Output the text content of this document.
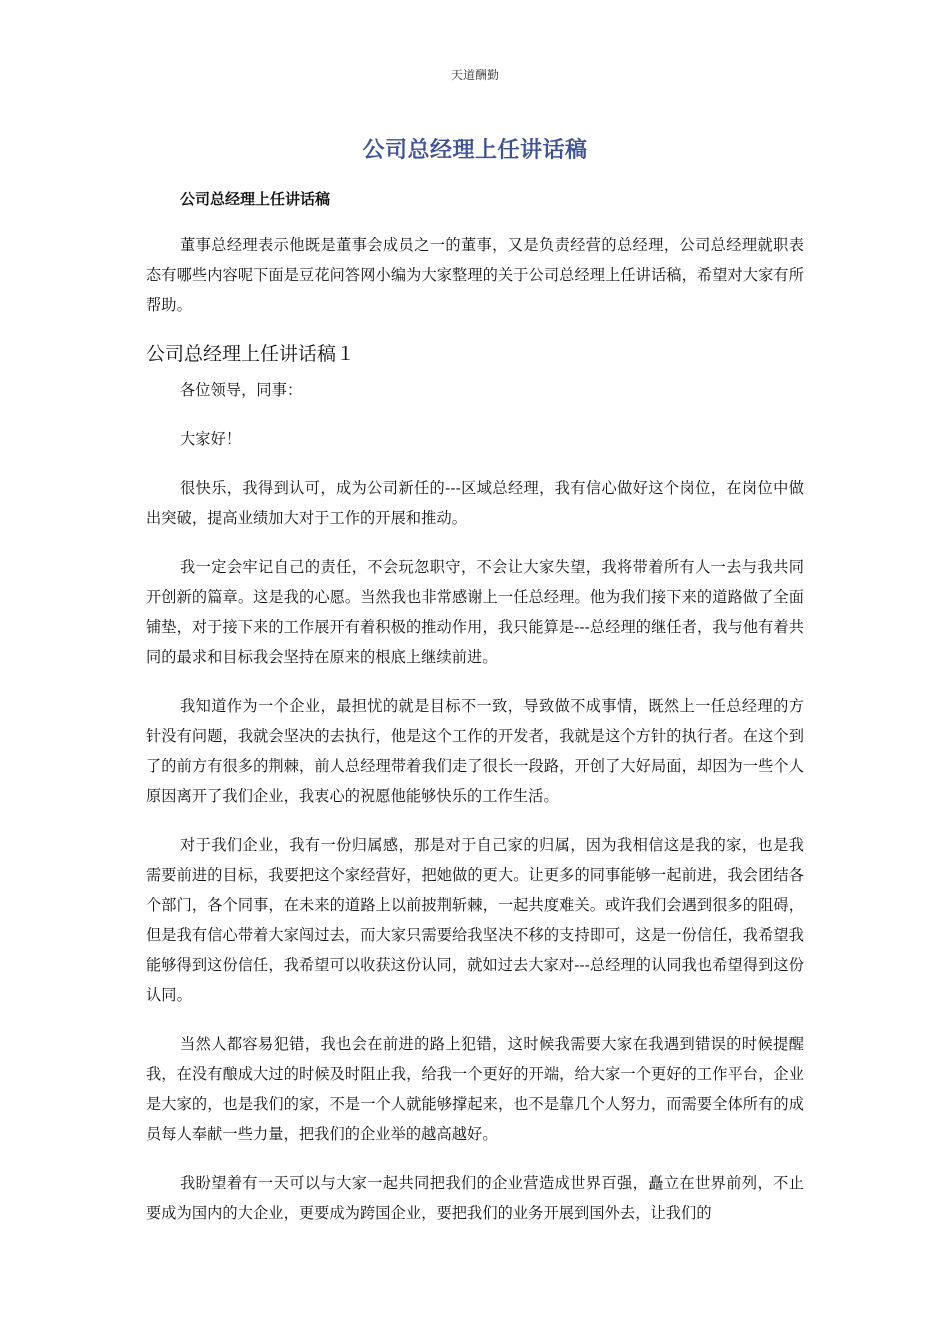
天道酬勤
公司总经理上任讲话稿
公司总经理上任讲话稿

董事总经理表示他既是董事会成员之一的董事，又是负责经营的总经理，公司总经理就职表态有哪些内容呢下面是豆花问答网小编为大家整理的关于公司总经理上任讲话稿，希望对大家有所帮助。

公司总经理上任讲话稿１

各位领导，同事：

大家好！

很快乐，我得到认可，成为公司新任的---区域总经理，我有信心做好这个岗位，在岗位中做出突破，提高业绩加大对于工作的开展和推动。

我一定会牢记自己的责任，不会玩忽职守，不会让大家失望，我将带着所有人一去与我共同开创新的篇章。这是我的心愿。当然我也非常感谢上一任总经理。他为我们接下来的道路做了全面铺垫，对于接下来的工作展开有着积极的推动作用，我只能算是---总经理的继任者，我与他有着共同的最求和目标我会坚持在原来的根底上继续前进。

我知道作为一个企业，最担忧的就是目标不一致，导致做不成事情，既然上一任总经理的方针没有问题，我就会坚决的去执行，他是这个工作的开发者，我就是这个方针的执行者。在这个到了的前方有很多的荆棘，前人总经理带着我们走了很长一段路，开创了大好局面，却因为一些个人原因离开了我们企业，我衷心的祝愿他能够快乐的工作生活。

对于我们企业，我有一份归属感，那是对于自己家的归属，因为我相信这是我的家，也是我需要前进的目标，我要把这个家经营好，把她做的更大。让更多的同事能够一起前进，我会团结各个部门，各个同事，在未来的道路上以前披荆斩棘，一起共度难关。或许我们会遇到很多的阻碍，但是我有信心带着大家闯过去，而大家只需要给我坚决不移的支持即可，这是一份信任，我希望我能够得到这份信任，我希望可以收获这份认同，就如过去大家对---总经理的认同我也希望得到这份认同。

当然人都容易犯错，我也会在前进的路上犯错，这时候我需要大家在我遇到错误的时候提醒我，在没有酿成大过的时候及时阻止我，给我一个更好的开端，给大家一个更好的工作平台，企业是大家的，也是我们的家，不是一个人就能够撑起来，也不是靠几个人努力，而需要全体所有的成员每人奉献一些力量，把我们的企业举的越高越好。

我盼望着有一天可以与大家一起共同把我们的企业营造成世界百强，矗立在世界前列，不止要成为国内的大企业，更要成为跨国企业，要把我们的业务开展到国外去，让我们的
